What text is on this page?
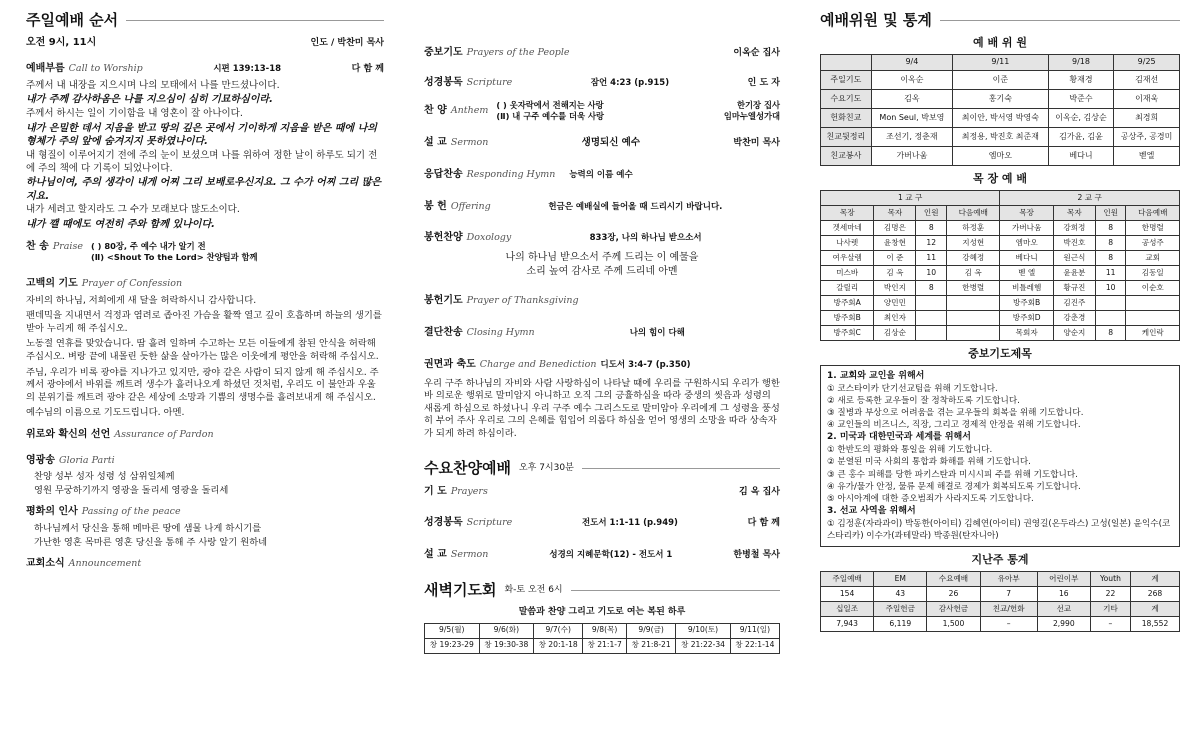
주일예배 순서
오전 9시, 11시	인도 / 박찬미 목사
예배부름 Call to Worship	시편 139:13-18	다 함 께

주께서 내 내장을 지으시며 나의 모태에서 나를 만드셨나이다.

내가 주께 감사하옴은 나를 지으심이 심히 기묘하심이라.

주께서 하시는 일이 기이함을 내 영혼이 잘 아나이다.

내가 은밀한 데서 지음을 받고 땅의 깊은 곳에서 기이하게 지음을 받은 때에 나의 형체가 주의 앞에 숨겨지지 못하였나이다.

내 형질이 이루어지기 전에 주의 눈이 보셨으며 나를 위하여 정한 날이 하루도 되기 전에 주의 책에 다 기록이 되었나이다.

하나님이여, 주의 생각이 내게 어찌 그리 보배로우신지요. 그 수가 어찌 그리 많은지요.

내가 세려고 할지라도 그 수가 모래보다 많도소이다.

내가 깰 때에도 여전히 주와 함께 있나이다.

찬 송 Praise ( ) 80장, 주 예수 내가 알기 전
(Ⅱ) <Shout To the Lord> 찬양팀과 함께
고백의 기도 Prayer of Confession

자비의 하나님, 저희에게 새 달을 허락하시니 감사합니다.

팬데믹을 지내면서 걱정과 염려로 좁아진 가슴을 활짝 열고 깊이 호흡하며 하늘의 생기를 받아 누리게 해 주십시오.

노동절 연휴를 맞았습니다. 땀 흘려 일하며 수고하는 모든 이들에게 참된 안식을 허락해 주십시오. 벼랑 끝에 내몰린 듯한 삶을 살아가는 많은 이웃에게 평안을 허락해 주십시오.

주님, 우리가 비록 광야를 지나가고 있지만, 광야 같은 사람이 되지 않게 해 주십시오. 주께서 광야에서 바위를 깨트려 생수가 흘러나오게 하셨던 것처럼, 우리도 이 불안과 우울의 분위기를 깨트려 광야 같은 세상에 소망과 기쁨의 생명수를 흘려보내게 해 주십시오.

예수님의 이름으로 기도드립니다. 아멘.

위로와 확신의 선언 Assurance of Pardon
영광송 Gloria Parti

찬양 성부 성자 성령 성 삼위일체께

영원 무궁하기까지 영광을 돌리세 영광을 돌리세

평화의 인사 Passing of the peace

하나님께서 당신을 통해 메마른 땅에 샘물 나게 하시기를

가난한 영혼 목마른 영혼 당신을 통해 주 사랑 알기 원하네

교회소식 Announcement
중보기도 Prayers of the People	이옥순 집사
성경봉독 Scripture	잠언 4:23 (p.915)	인 도 자
찬 양 Anthem
( ) 옷자락에서 전해지는 사랑
(Ⅱ) 내 구주 예수를 더욱 사랑
한기장 집사
임마누엘성가대
설 교 Sermon	생명되신 예수	박찬미 목사
응답찬송 Responding Hymn	능력의 이름 예수
봉 헌 Offering	헌금은 예배실에 들어올 때 드리시기 바랍니다.
봉헌찬양 Doxology	833장, 나의 하나님 받으소서

나의 하나님 받으소서 주께 드리는 이 예물을

소리 높여 감사로 주께 드리네 아멘

봉헌기도 Prayer of Thanksgiving
결단찬송 Closing Hymn	나의 힘이 다해
권면과 축도 Charge and Benediction 디도서 3:4-7 (p.350)
우리 구주 하나님의 자비와 사람 사랑하심이 나타날 때에 우리를 구원하시되 우리가 행한 바 의로운 행위로 말미암지 아니하고 오직 그의 긍휼하심을 따라 중생의 씻음과 성령의 새롭게 하심으로 하셨나니 우리 구주 예수 그리스도로 말미암아 우리에게 그 성령을 풍성히 부어 주사 우리로 그의 은혜를 힘입어 의롭다 하심을 얻어 영생의 소망을 따라 상속자가 되게 하려 하심이라.
수요찬양예배 오후 7시30분
기 도 Prayers	김 옥 집사
성경봉독 Scripture	전도서 1:1-11 (p.949)	다 함 께
설 교 Sermon	성경의 지혜문학(12) - 전도서 1	한병철 목사
새벽기도회 화-토 오전 6시
말씀과 찬양 그리고 기도로 여는 복된 하루
9/5(월)	9/6(화)	9/7(수)	9/8(목)	9/9(금)	9/10(토)	9/11(일)
창 19:23-29	창 19:30-38	창 20:1-18	창 21:1-7	창 21:8-21	창 21:22-34	창 22:1-14
예배위원 및 통계
예 배 위 원
	9/4	9/11	9/18	9/25
주일기도	이옥순	이준	황재경	김재선
수요기도	김옥	홍기숙	박준수	이재욱
헌화친교	Mon Seul, 박보영	최이안, 박서영 박영숙	이옥순, 김상순	최경희
친교뒷정리	조선기, 정춘재	최정용, 박진호 최준재	김가윤, 김윤	공상주, 공경미
친교봉사	가버나움	엠마오	베다니	벧엘
목 장 예 배
1 교 구				2 교 구			
목장	목자	인원	다음예배	목장	목자	인원	다음예배
겟세마네	김명은	8	하정훈	가버나움	강희정	8	한명렬
나사렛	윤창현	12	지성현	엠마오	박진호	8	공성주
여우살렘	이 준	11	강혜정	베다니	원근식	8	교회
미스바	김 옥	10	김 옥	벧 엘	윤윤분	11	김동일
갈릴리	박인지	8	한병렬	비틀레헴	황규진	10	이순호
방주회A	양민민			방주회B	김진주		
방주회B	최인자			방주회D	강춘경		
방주회C	김상순			목회자	양순지	8	케인락
중보기도제목

1. 교회와 교인을 위해서

① 코스타이카 단기선교팀을 위해 기도합니다.

② 새로 등록한 교우들이 잘 정착하도록 기도합니다.

③ 질병과 부상으로 어려움을 겪는 교우들의 회복을 위해 기도합니다.

④ 교인들의 비즈니스, 직장, 그리고 경제적 안정을 위해 기도합니다.

2. 미국과 대한민국과 세계를 위해서

① 한반도의 평화와 통일을 위해 기도합니다.

② 분열된 미국 사회의 통합과 화해를 위해 기도합니다.

③ 큰 홍수 피해를 당한 파키스탄과 미시시피 주를 위해 기도합니다.

④ 유가/물가 안정, 물류 문제 해결로 경제가 회복되도록 기도합니다.

⑤ 아시아계에 대한 증오범죄가 사라지도록 기도합니다.

3. 선교 사역을 위해서

① 김정훈(자라과이) 박동한(아이티) 김혜연(아이티) 권영길(온두라스) 고성(일본) 윤익수(코스타리카) 이수가(과테말라) 박종원(탄자니아)

지난주 통계
주일예배	EM	수요예배	유아부	어린이부	Youth	계
154	43	26	7	16	22	268
십일조	주일헌금	감사헌금	친교/헌화	선교	기타	계
7,943	6,119	1,500	–	2,990	–	18,552
